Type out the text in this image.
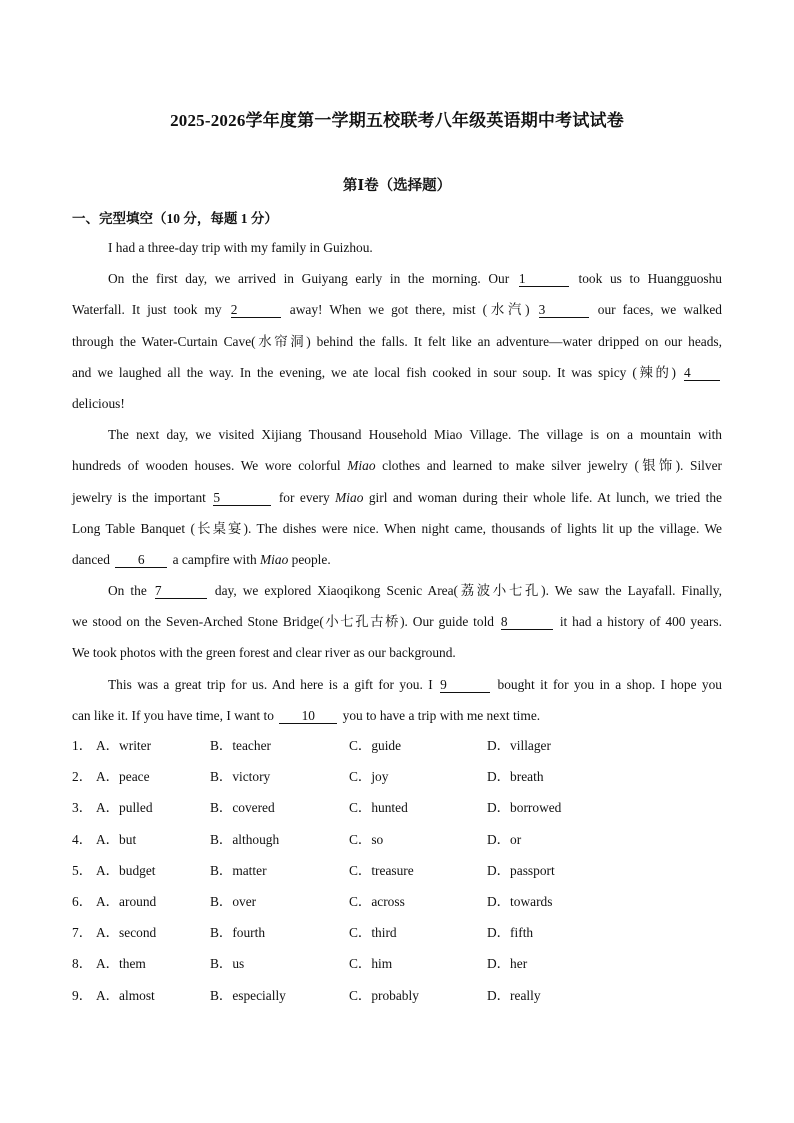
2025-2026学年度第一学期五校联考八年级英语期中考试试卷
第Ⅰ卷（选择题）
一、完型填空（10 分，每题 1 分）
I had a three-day trip with my family in Guizhou.
On the first day, we arrived in Guiyang early in the morning. Our 1	took us to Huangguoshu
Waterfall. It just took my 2	away! When we got there, mist (水汽) 3	our faces, we walked
through the Water-Curtain Cave(水帘洞) behind the falls. It felt like an adventure—water dripped on our heads,
and we laughed all the way. In the evening, we ate local fish cooked in sour soup. It was spicy (辣的) 4
delicious!
The next day, we visited Xijiang Thousand Household Miao Village. The village is on a mountain with
hundreds of wooden houses. We wore colorful Miao clothes and learned to make silver jewelry (银饰). Silver
jewelry is the important 5	for every Miao girl and woman during their whole life. At lunch, we tried the
Long Table Banquet (长桌宴). The dishes were nice. When night came, thousands of lights lit up the village. We
danced 6 a campfire with Miao people.
On the 7	day, we explored Xiaoqikong Scenic Area(荔波小七孔). We saw the Layafall. Finally,
we stood on the Seven-Arched Stone Bridge(小七孔古桥). Our guide told 8	it had a history of 400 years.
We took photos with the green forest and clear river as our background.
This was a great trip for us. And here is a gift for you. I 9	bought it for you in a shop. I hope you
can like it. If you have time, I want to 10 you to have a trip with me next time.
1． A．writer	B．teacher	C．guide	D．villager
2． A．peace	B．victory	C．joy	D．breath
3． A．pulled	B．covered	C．hunted	D．borrowed
4． A．but	B．although	C．so	D．or
5． A．budget	B．matter	C．treasure	D．passport
6． A．around	B．over	C．across	D．towards
7． A．second	B．fourth	C．third	D．fifth
8． A．them	B．us	C．him	D．her
9． A．almost	B．especially	C．probably	D．really
